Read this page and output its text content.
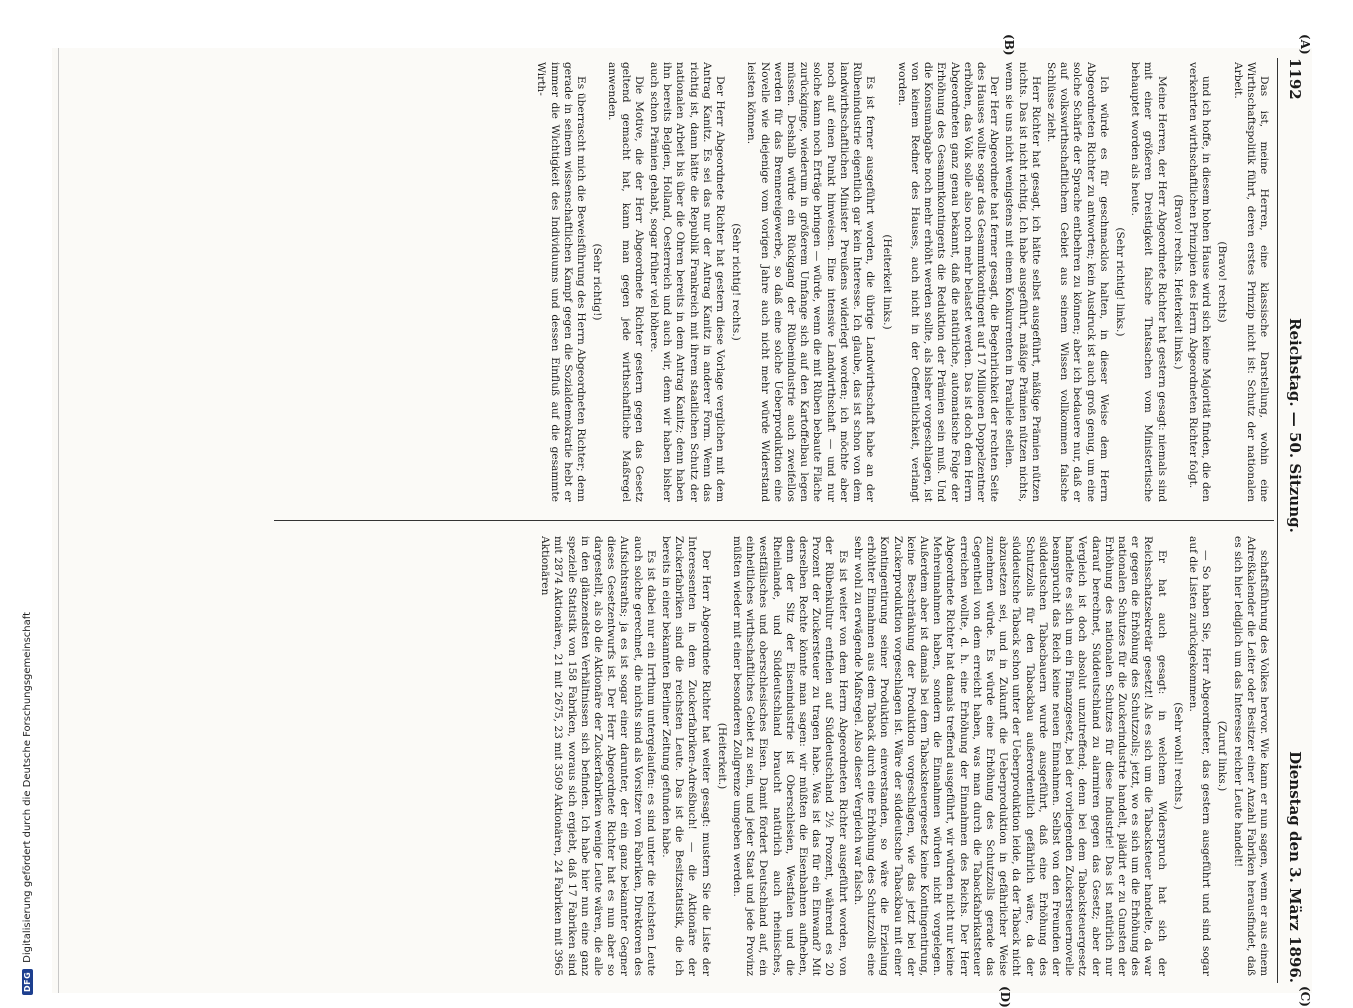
1192
Reichstag. — 50. Sitzung.
Dienstag den 3. März 1896.
(A)
(B)
(C)
(D)

Das ist, meine Herren, eine klassische Darstellung, wohin eine Wirthschaftspolitik führt, deren erstes Prinzip nicht ist: Schutz der nationalen Arbeit.

(Bravo! rechts)

und ich hoffe, in diesem hohen Hause wird sich keine Majorität finden, die den verkehrten wirthschaftlichen Prinzipien des Herrn Abgeordneten Richter folgt.

(Bravo! rechts. Heiterkeit links.)

Meine Herren, der Herr Abgeordnete Richter hat gestern gesagt: niemals sind mit einer größeren Dreistigkeit falsche Thatsachen vom Ministertische behauptet worden als heute.

(Sehr richtig! links.)

Ich würde es für geschmacklos halten, in dieser Weise dem Herrn Abgeordneten Richter zu antworten; kein Ausdruck ist auch groß genug, um eine solche Schärfe der Sprache entbehren zu können; aber ich bedauere nur, daß er auf volkswirthschaftlichem Gebiet aus seinem Wissen vollkommen falsche Schlüsse zieht.

Herr Richter hat gesagt, ich hätte selbst ausgeführt, mäßige Prämien nützen nichts. Das ist nicht richtig. Ich habe ausgeführt, mäßige Prämien nützen nichts, wenn sie uns nicht wenigstens mit einem Konkurrenten in Parallele stellen.

Der Herr Abgeordnete hat ferner gesagt, die Begehrlichkeit der rechten Seite des Hauses wollte sogar das Gesammtkontingent auf 17 Millionen Doppelzentner erhöhen, das Volk solle also noch mehr belastet werden. Das ist doch dem Herrn Abgeordneten ganz genau bekannt, daß die natürliche, automatische Folge der Erhöhung des Gesammtkontingents die Reduktion der Prämien sein muß. Und die Konsumabgabe noch mehr erhöht werden sollte, als bisher vorgeschlagen, ist von keinem Redner des Hauses, auch nicht in der Oeffentlichkeit, verlangt worden.

(Heiterkeit links.)

Es ist ferner ausgeführt worden, die übrige Landwirthschaft habe an der Rübenindustrie eigentlich gar kein Interesse. Ich glaube, das ist schon von dem landwirthschaftlichen Minister Preußens widerlegt worden; ich möchte aber noch auf einen Punkt hinweisen. Eine intensive Landwirthschaft — und nur solche kann noch Erträge bringen — würde, wenn die mit Rüben bebaute Fläche zurückginge, wiederum in größerem Umfange sich auf den Kartoffelbau legen müssen. Deshalb würde ein Rückgang der Rübenindustrie auch zweifellos werden für das Brennereigewerbe, so daß eine solche Ueberproduktion eine Novelle wie diejenige vom vorigen Jahre auch nicht mehr würde Widerstand leisten können.

(Sehr richtig! rechts.)

Der Herr Abgeordnete Richter hat gestern diese Vorlage verglichen mit dem Antrag Kanitz. Es sei das nur der Antrag Kanitz in anderer Form. Wenn das richtig ist, dann hätte die Republik Frankreich mit ihrem staatlichen Schutz der nationalen Arbeit bis über die Ohren bereits in dem Antrag Kanitz; denn haben ihn bereits Belgien, Holland, Oesterreich und auch wir, denn wir haben bisher auch schon Prämien gehabt, sogar früher viel höhere.

Die Motive, die der Herr Abgeordnete Richter gestern gegen das Gesetz geltend gemacht hat, kann man gegen jede wirthschaftliche Maßregel anwenden.

(Sehr richtig!)

Es überrascht mich die Beweisführung des Herrn Abgeordneten Richter; denn gerade in seinem wissenschaftlichen Kampf gegen die Sozialdemokratie hebt er immer die Wichtigkeit des Individuums und dessen Einfluß auf die gesammte Wirth-

schaftsführung des Volkes hervor. Wie kann er nun sagen, wenn er aus einem Adreßkalender die Leiter oder Besitzer einer Anzahl Fabriken herausfindet, daß es sich hier lediglich um das Interesse reicher Leute handelt!

(Zuruf links.)

— So haben Sie, Herr Abgeordneter, das gestern ausgeführt und sind sogar auf die Listen zurückgekommen.

(Sehr wohl! rechts.)

Er hat auch gesagt: in welchem Widerspruch hat sich der Reichsschatzsekretär gesetzt! Als es sich um die Tabacksteuer handelte, da war er gegen die Erhöhung des Schutzzolls; jetzt, wo es sich um die Erhöhung des nationalen Schutzes für die Zuckerindustrie handelt, plädirt er zu Gunsten der Erhöhung des nationalen Schutzes für diese Industrie! Das ist natürlich nur darauf berechnet, Süddeutschland zu alarmiren gegen das Gesetz; aber der Vergleich ist doch absolut unzutreffend; denn bei dem Tabacksteuergesetz handelte es sich um ein Finanzgesetz, bei der vorliegenden Zuckersteuernovelle beansprucht das Reich keine neuen Einnahmen. Selbst von den Freunden der süddeutschen Tabacbauern wurde ausgeführt, daß eine Erhöhung des Schutzzolls für den Tabackbau außerordentlich gefährlich wäre, da der süddeutsche Taback schon unter der Ueberproduktion leide, da der Taback nicht abzusetzen sei, und in Zukunft die Ueberproduktion in gefährlicher Weise zunehmen würde. Es würde eine Erhöhung des Schutzzolls gerade das Gegentheil von dem erreicht haben, was man durch die Tabackfabrikatsteuer erreichen wollte, d. h. eine Erhöhung der Einnahmen des Reichs. Der Herr Abgeordnete Richter hat damals treffend ausgeführt, wir würden nicht nur keine Mehreinnahmen haben, sondern die Einnahmen würden nicht vorgelegen. Außerdem aber ist damals bei dem Tabacksteuergesetz keine Kontingentirung, keine Beschränkung der Produktion vorgeschlagen, wie das jetzt bei der Zuckerproduktion vorgeschlagen ist. Wäre der süddeutsche Tabackbau mit einer Kontingentirung seiner Produktion einverstanden, so wäre die Erzielung erhöhter Einnahmen aus dem Taback durch eine Erhöhung des Schutzzolls eine sehr wohl zu erwägende Maßregel. Also dieser Vergleich war falsch.

Es ist weiter von dem Herrn Abgeordneten Richter ausgeführt worden, von der Rübenkultur entfielen auf Süddeutschland 2½ Prozent, während es 20 Prozent der Zuckersteuer zu tragen habe. Was ist das für ein Einwand? Mit derselben Rechte könnte man sagen: wir müßten die Eisenbahnen aufheben, denn der Sitz der Eisenindustrie ist Oberschlesien, Westfalen und die Rheinlande, und Süddeutschland braucht natürlich auch rheinisches, westfälisches und oberschlesisches Eisen. Damit fördert Deutschland auf, ein einheitliches wirthschaftliches Gebiet zu sein, und jeder Staat und jede Provinz müßten wieder mit einer besonderen Zollgrenze umgeben werden.

(Heiterkeit.)

Der Herr Abgeordnete Richter hat weiter gesagt: mustern Sie die Liste der Interessenten in dem Zuckerfabriken-Adreßbuch! — die Aktionäre der Zuckerfabriken sind die reichsten Leute. Das ist die Besitzstatistik, die ich bereits in einer bekannten Berliner Zeitung gefunden habe.

Es ist dabei nur ein Irrthum untergelaufen: es sind unter die reichsten Leute auch solche gerechnet, die nichts sind als Vorsitzer von Fabriken, Direktoren des Aufsichtsraths; ja es ist sogar einer darunter, der ein ganz bekannter Gegner dieses Gesetzentwurfs ist. Der Herr Abgeordnete Richter hat es nun aber so dargestellt, als ob die Aktionäre der Zuckerfabriken wenige Leute wären, die alle in den glänzendsten Verhältnissen sich befinden. Ich habe hier nun eine ganz spezielle Statistik von 158 Fabriken, woraus sich ergiebt, daß 17 Fabriken sind mit 2874 Aktionären, 21 mit 2675, 23 mit 3509 Aktionären, 24 Fabriken mit 3965 Aktionären

DFG
Digitalisierung gefördert durch die Deutsche Forschungsgemeinschaft
